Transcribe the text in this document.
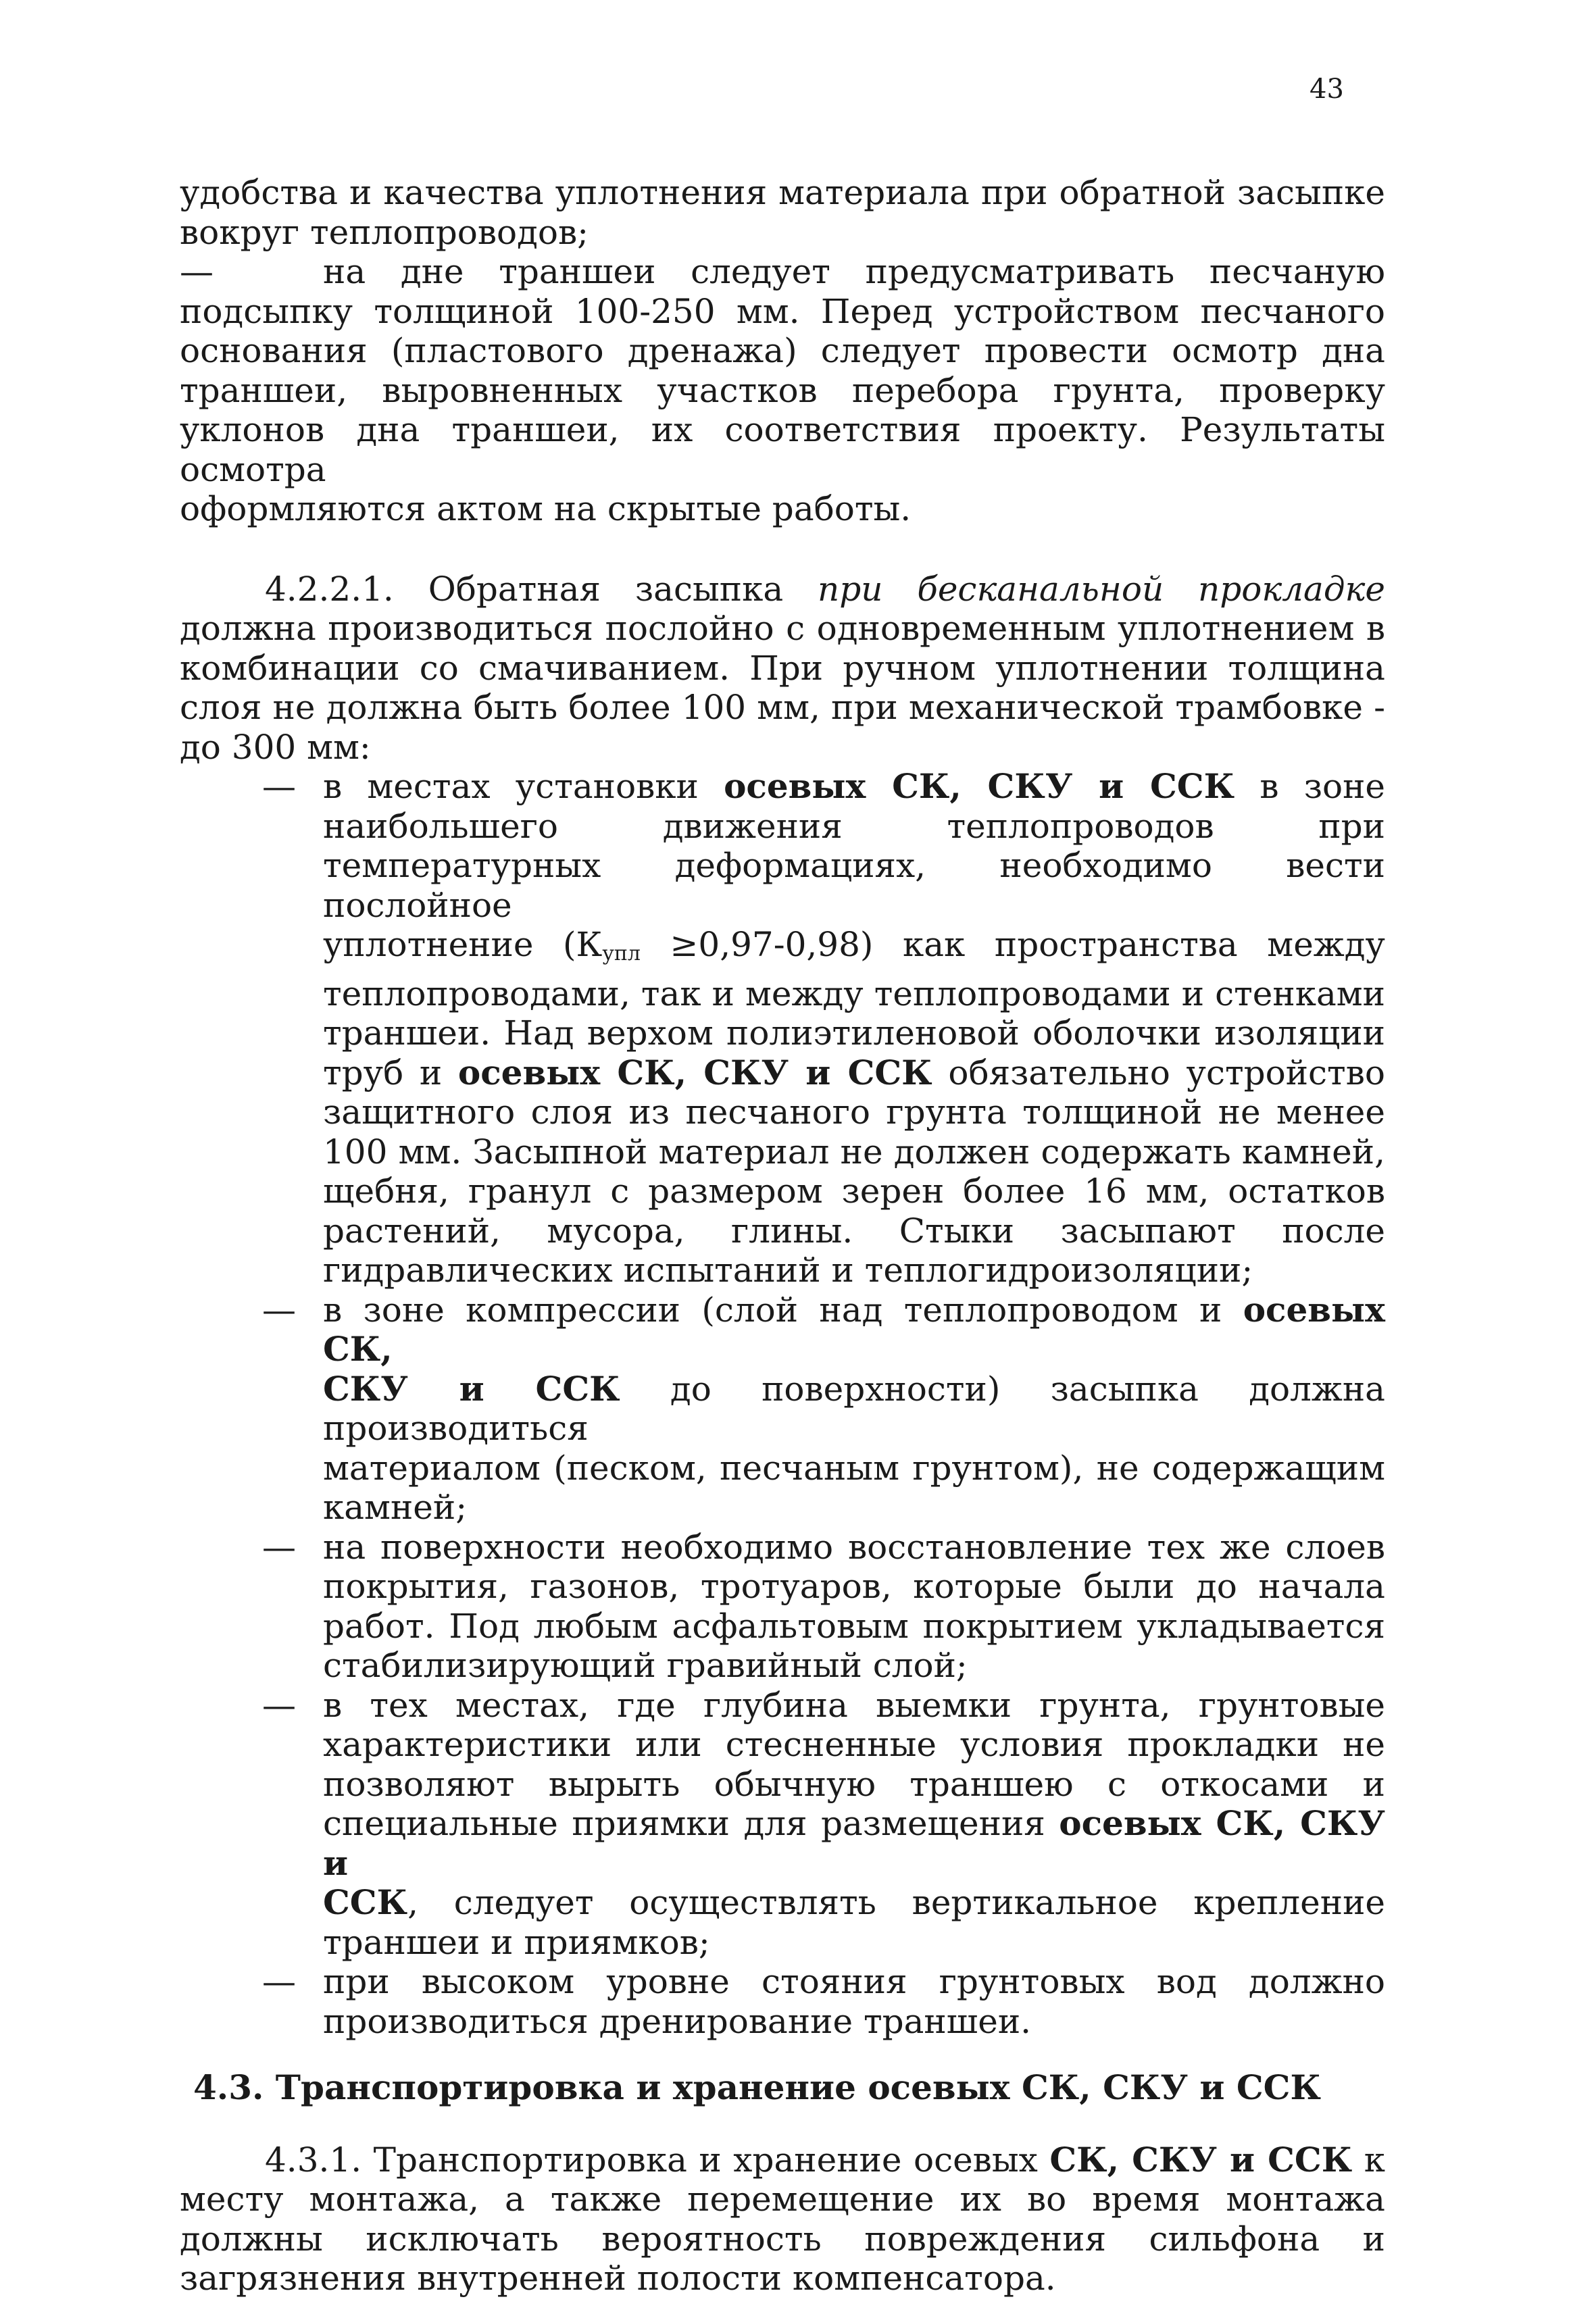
43
удобства и качества уплотнения материала при обратной засыпке
вокруг теплопроводов;
—	на дне траншеи следует предусматривать песчаную
подсыпку толщиной 100-250 мм. Перед устройством песчаного
основания (пластового дренажа) следует провести осмотр дна
траншеи, выровненных участков перебора грунта, проверку
уклонов дна траншеи, их соответствия проекту. Результаты осмотра
оформляются актом на скрытые работы.
4.2.2.1. Обратная засыпка при бесканальной прокладке
должна производиться послойно с одновременным уплотнением в
комбинации со смачиванием. При ручном уплотнении толщина
слоя не должна быть более 100 мм, при механической трамбовке -
до 300 мм:
— в местах установки осевых СК, СКУ и ССК в зоне
наибольшего движения теплопроводов при
температурных деформациях, необходимо вести послойное
уплотнение $(К_{упл} \ge 0,97-0,98)$ как пространства между
теплопроводами, так и между теплопроводами и стенками
траншеи. Над верхом полиэтиленовой оболочки изоляции
труб и осевых СК, СКУ и ССК обязательно устройство
защитного слоя из песчаного грунта толщиной не менее
100 мм. Засыпной материал не должен содержать камней,
щебня, гранул с размером зерен более 16 мм, остатков
растений, мусора, глины. Стыки засыпают после
гидравлических испытаний и теплогидроизоляции;
— в зоне компрессии (слой над теплопроводом и осевых СК,
СКУ и ССК до поверхности) засыпка должна производиться
материалом (песком, песчаным грунтом), не содержащим
камней;
— на поверхности необходимо восстановление тех же слоев
покрытия, газонов, тротуаров, которые были до начала
работ. Под любым асфальтовым покрытием укладывается
стабилизирующий гравийный слой;
— в тех местах, где глубина выемки грунта, грунтовые
характеристики или стесненные условия прокладки не
позволяют вырыть обычную траншею с откосами и
специальные приямки для размещения осевых СК, СКУ и
ССК, следует осуществлять вертикальное крепление
траншеи и приямков;
— при высоком уровне стояния грунтовых вод должно
производиться дренирование траншеи.
4.3. Транспортировка и хранение осевых СК, СКУ и ССК
4.3.1. Транспортировка и хранение осевых СК, СКУ и ССК к
месту монтажа, а также перемещение их во время монтажа
должны исключать вероятность повреждения сильфона и
загрязнения внутренней полости компенсатора.
